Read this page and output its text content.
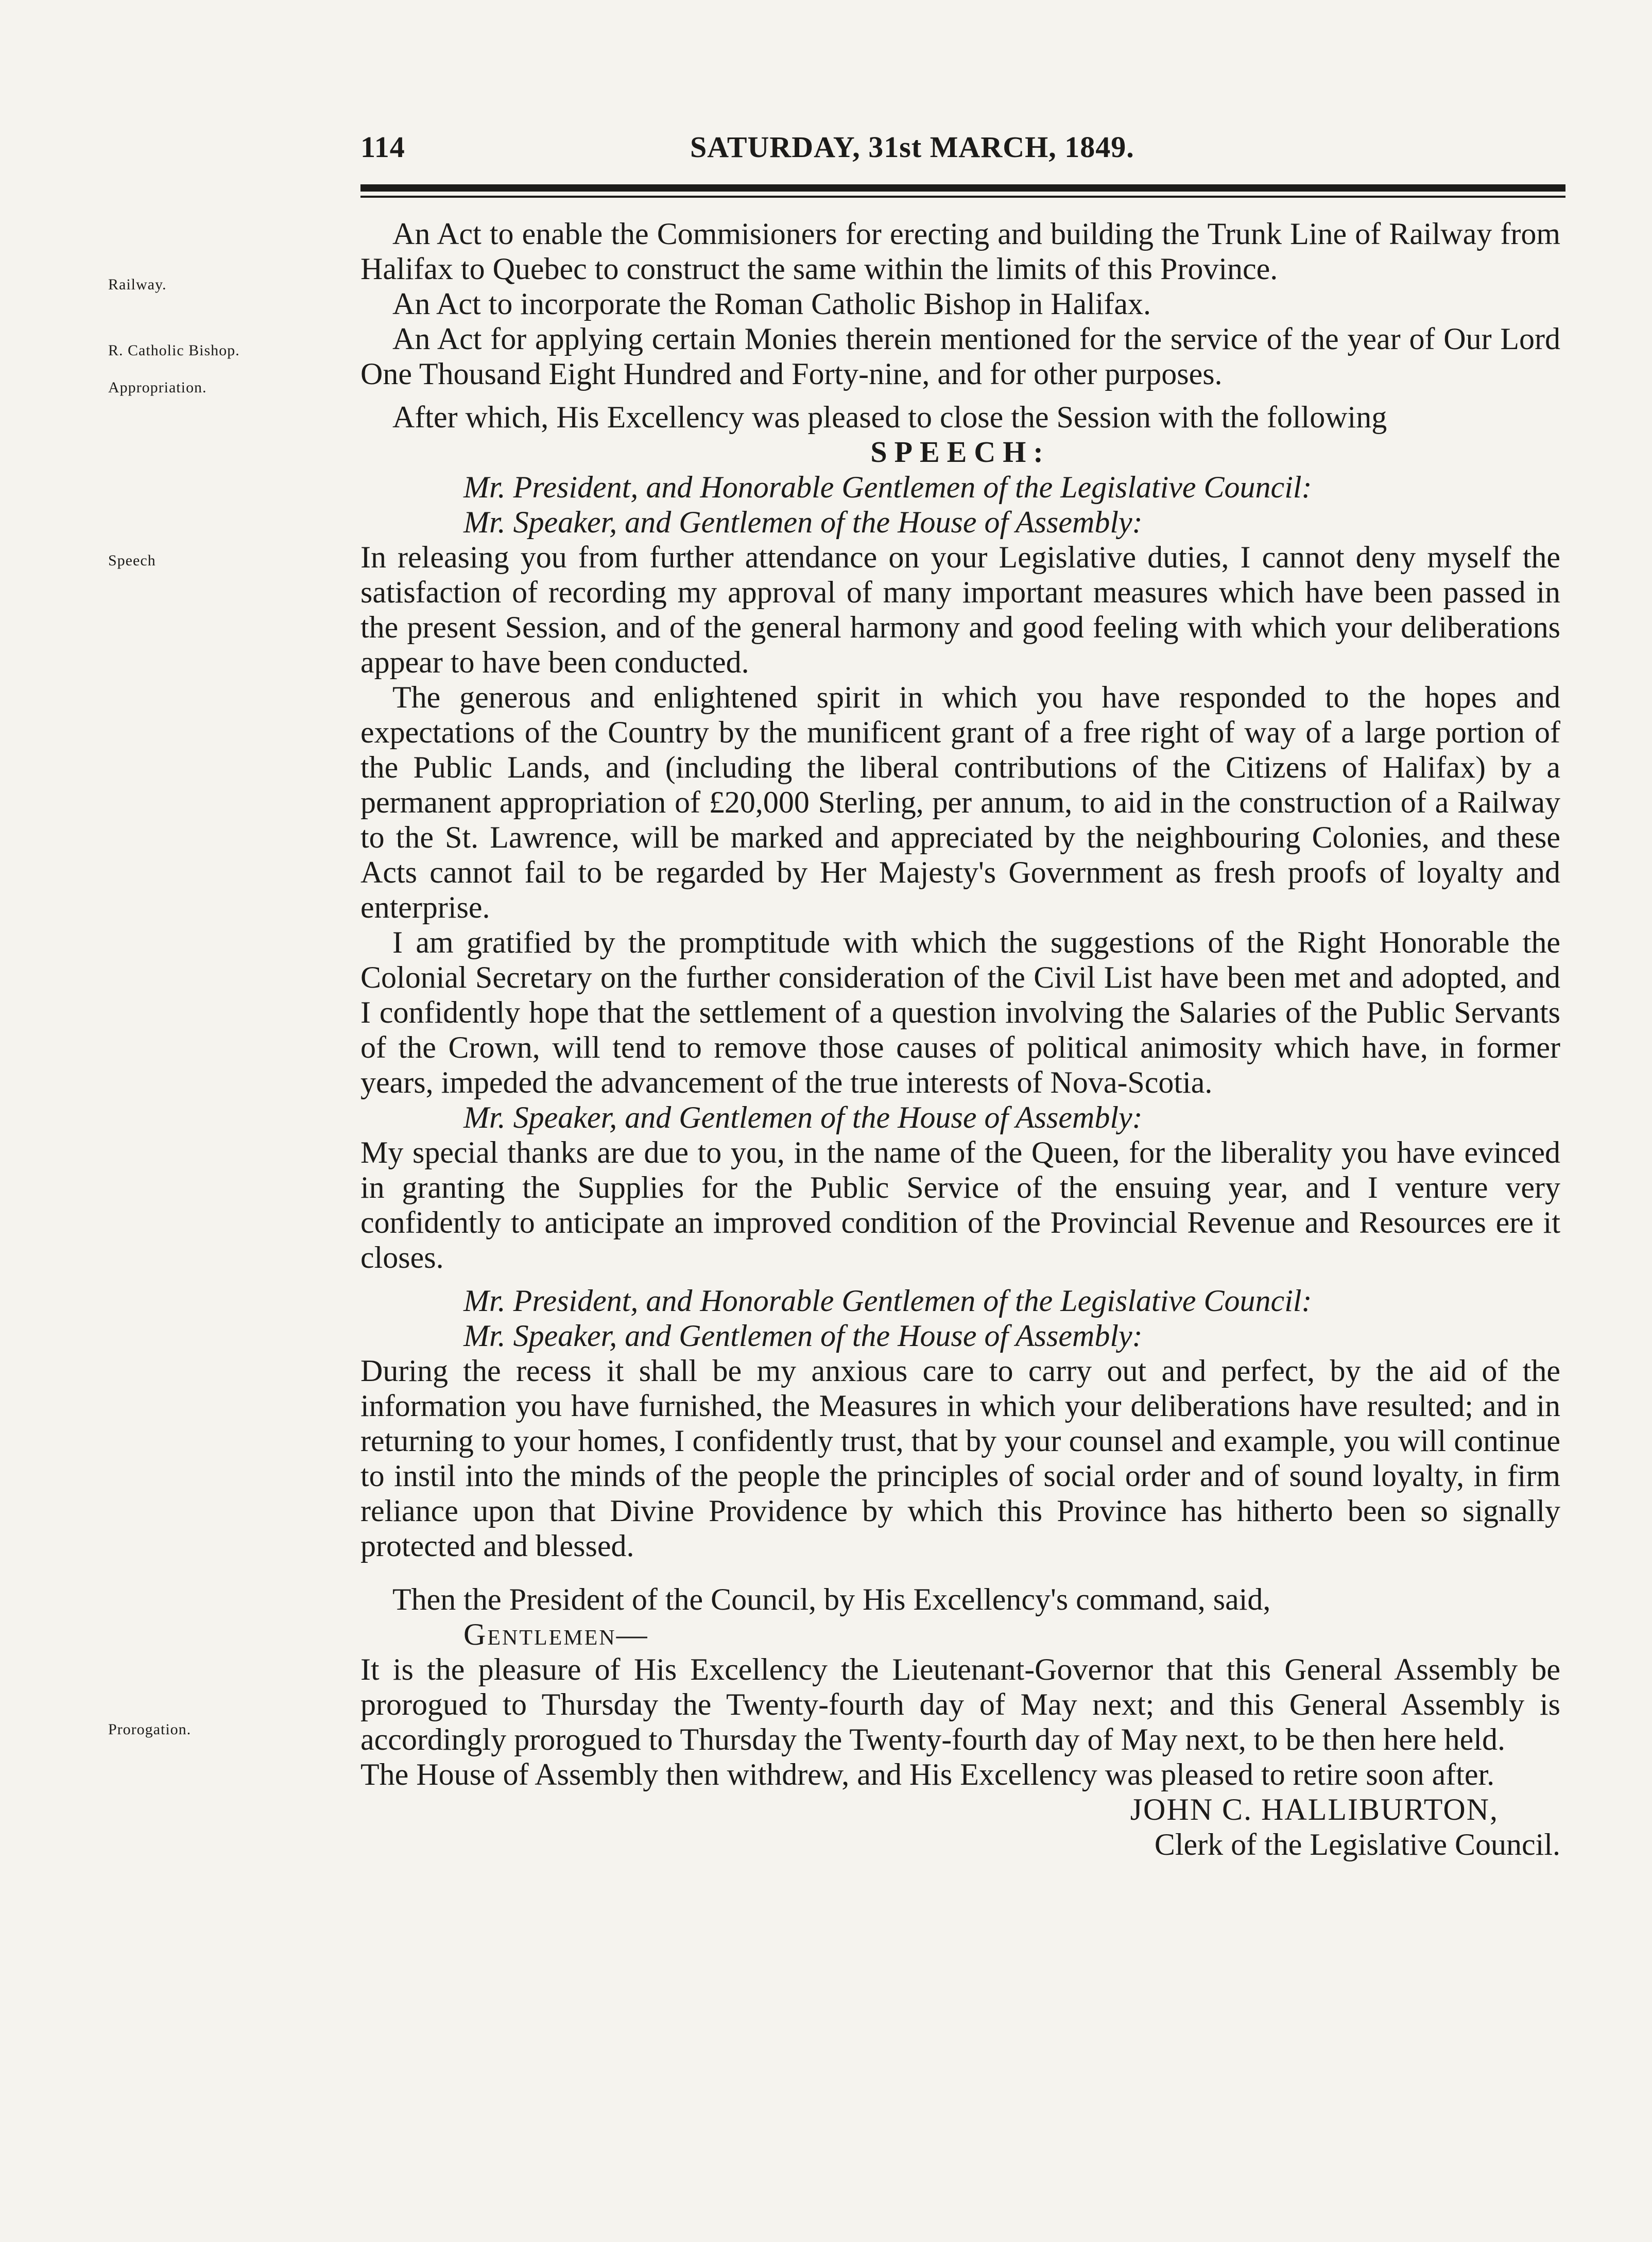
114	SATURDAY, 31st MARCH, 1849.
Railway.
R. Catholic Bishop.
Appropriation.
Speech
Prorogation.

An Act to enable the Commisioners for erecting and building the Trunk Line of Railway from Halifax to Quebec to construct the same within the limits of this Province.

An Act to incorporate the Roman Catholic Bishop in Halifax.

An Act for applying certain Monies therein mentioned for the service of the year of Our Lord One Thousand Eight Hundred and Forty-nine, and for other purposes.

After which, His Excellency was pleased to close the Session with the following

SPEECH:

Mr. President, and Honorable Gentlemen of the Legislative Council:

Mr. Speaker, and Gentlemen of the House of Assembly:

In releasing you from further attendance on your Legislative duties, I cannot deny myself the satisfaction of recording my approval of many important measures which have been passed in the present Session, and of the general harmony and good feeling with which your deliberations appear to have been conducted.

The generous and enlightened spirit in which you have responded to the hopes and expectations of the Country by the munificent grant of a free right of way of a large portion of the Public Lands, and (including the liberal contributions of the Citizens of Halifax) by a permanent appropriation of £20,000 Sterling, per annum, to aid in the construction of a Railway to the St. Lawrence, will be marked and appreciated by the neighbouring Colonies, and these Acts cannot fail to be regarded by Her Majesty's Government as fresh proofs of loyalty and enterprise.

I am gratified by the promptitude with which the suggestions of the Right Honorable the Colonial Secretary on the further consideration of the Civil List have been met and adopted, and I confidently hope that the settlement of a question involving the Salaries of the Public Servants of the Crown, will tend to remove those causes of political animosity which have, in former years, impeded the advancement of the true interests of Nova-Scotia.

Mr. Speaker, and Gentlemen of the House of Assembly:

My special thanks are due to you, in the name of the Queen, for the liberality you have evinced in granting the Supplies for the Public Service of the ensuing year, and I venture very confidently to anticipate an improved condition of the Provincial Revenue and Resources ere it closes.

Mr. President, and Honorable Gentlemen of the Legislative Council:

Mr. Speaker, and Gentlemen of the House of Assembly:

During the recess it shall be my anxious care to carry out and perfect, by the aid of the information you have furnished, the Measures in which your deliberations have resulted; and in returning to your homes, I confidently trust, that by your counsel and example, you will continue to instil into the minds of the people the principles of social order and of sound loyalty, in firm reliance upon that Divine Providence by which this Province has hitherto been so signally protected and blessed.

Then the President of the Council, by His Excellency's command, said,

Gentlemen—

It is the pleasure of His Excellency the Lieutenant-Governor that this General Assembly be prorogued to Thursday the Twenty-fourth day of May next; and this General Assembly is accordingly prorogued to Thursday the Twenty-fourth day of May next, to be then here held.

The House of Assembly then withdrew, and His Excellency was pleased to retire soon after.

JOHN C. HALLIBURTON,

Clerk of the Legislative Council.
